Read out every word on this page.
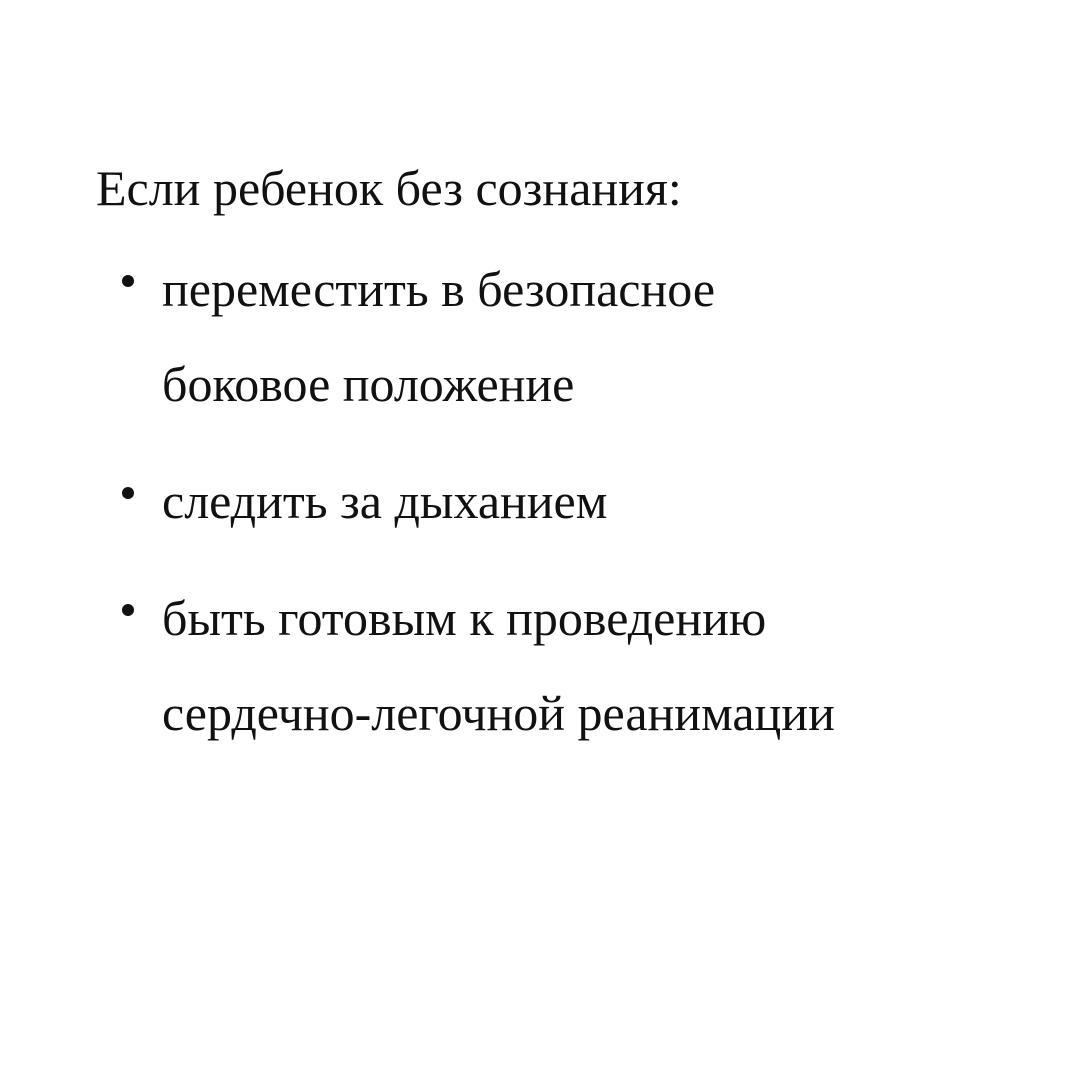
Если ребенок без сознания:
переместить в безопасное
боковое положение
следить за дыханием
быть готовым к проведению
сердечно-легочной реанимации
